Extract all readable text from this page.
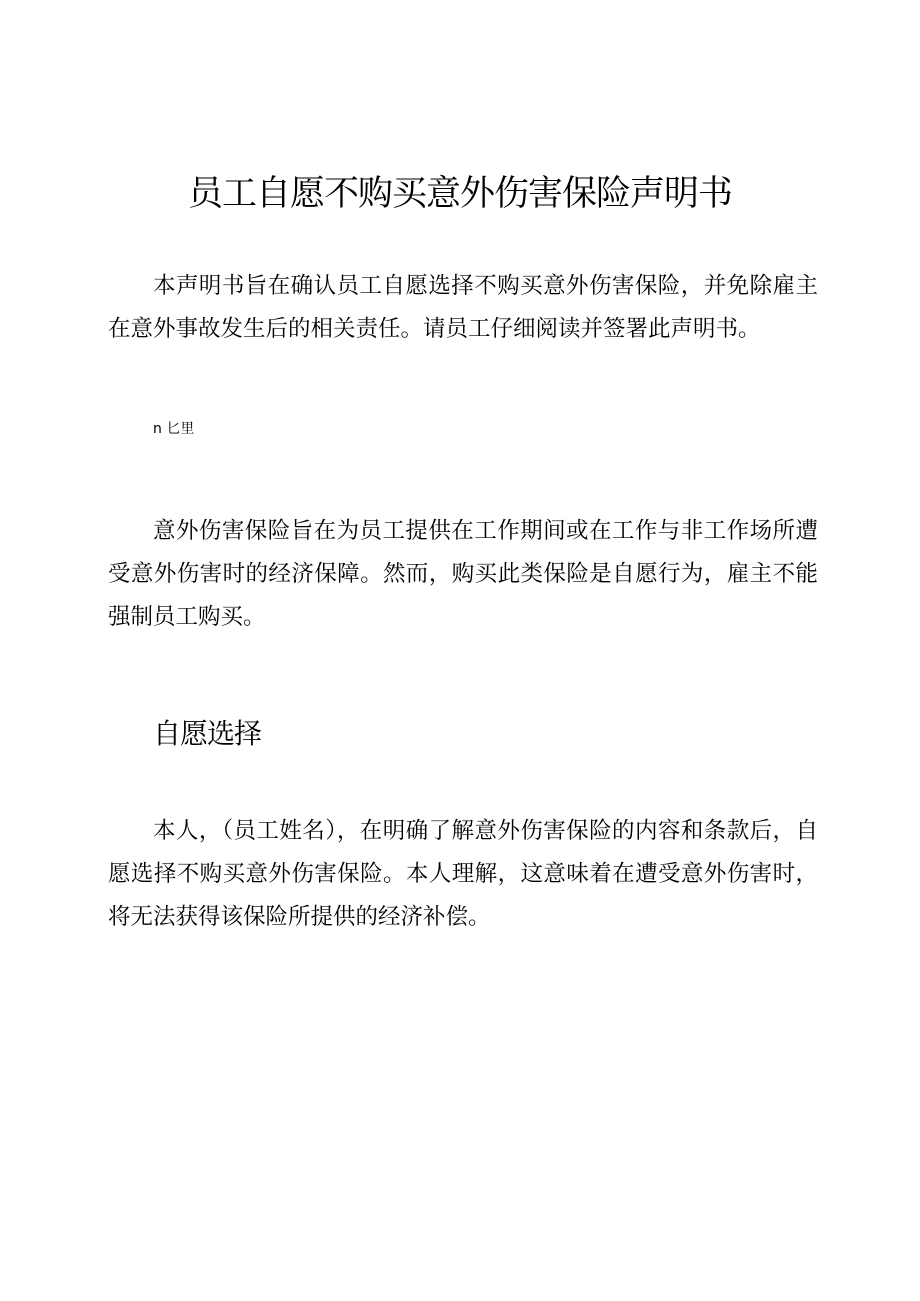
员工自愿不购买意外伤害保险声明书

本声明书旨在确认员工自愿选择不购买意外伤害保险，并免除雇主在意外事故发生后的相关责任。请员工仔细阅读并签署此声明书。

n 匕里

意外伤害保险旨在为员工提供在工作期间或在工作与非工作场所遭受意外伤害时的经济保障。然而，购买此类保险是自愿行为，雇主不能强制员工购买。

自愿选择

本人，（员工姓名），在明确了解意外伤害保险的内容和条款后，自愿选择不购买意外伤害保险。本人理解，这意味着在遭受意外伤害时，将无法获得该保险所提供的经济补偿。
